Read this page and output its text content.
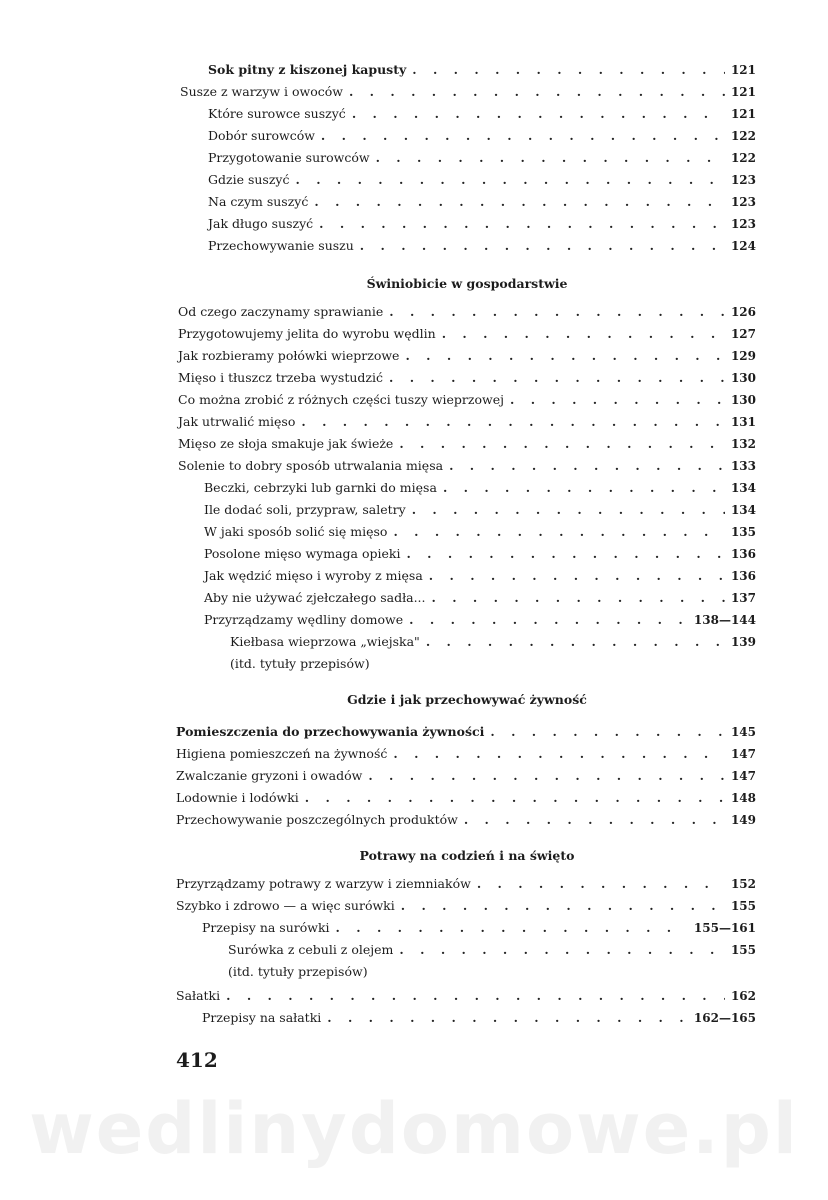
Sok pitny z kiszonej kapusty . . .	121
Susze z warzyw i owoców . . .	121
Które surowce suszyć . . .	121
Dobór surowców . . .	122
Przygotowanie surowców . . .	122
Gdzie suszyć . . .	123
Na czym suszyć . . .	123
Jak długo suszyć . . .	123
Przechowywanie suszu . . .	124
Świniobicie w gospodarstwie
Od czego zaczynamy sprawianie . . .	126
Przygotowujemy jelita do wyrobu wędlin . . .	127
Jak rozbieramy połówki wieprzowe . . .	129
Mięso i tłuszcz trzeba wystudzić . . .	130
Co można zrobić z różnych części tuszy wieprzowej . . .	130
Jak utrwalić mięso . . .	131
Mięso ze słoja smakuje jak świeże . . .	132
Solenie to dobry sposób utrwalania mięsa . . .	133
Beczki, cebrzyki lub garnki do mięsa . . .	134
Ile dodać soli, przypraw, saletry . . .	134
W jaki sposób solić się mięso . . .	135
Posolone mięso wymaga opieki . . .	136
Jak wędzić mięso i wyroby z mięsa . . .	136
Aby nie używać zjełczałego sadła... . . .	137
Przyrządzamy wędliny domowe . . .	138—144
Kiełbasa wieprzowa „wiejska" . . .	139
(itd. tytuły przepisów)
Gdzie i jak przechowywać żywność
Pomieszczenia do przechowywania żywności . . .	145
Higiena pomieszczeń na żywność . . .	147
Zwalczanie gryzoni i owadów . . .	147
Lodownie i lodówki . . .	148
Przechowywanie poszczególnych produktów . . .	149
Potrawy na codzień i na święto
Przyrządzamy potrawy z warzyw i ziemniaków . . .	152
Szybko i zdrowo — a więc surówki . . .	155
Przepisy na surówki . . .	155—161
Surówka z cebuli z olejem . . .	155
(itd. tytuły przepisów)
Sałatki . . .	162
Przepisy na sałatki . . .	162—165
412
wedlinydomowe.pl
